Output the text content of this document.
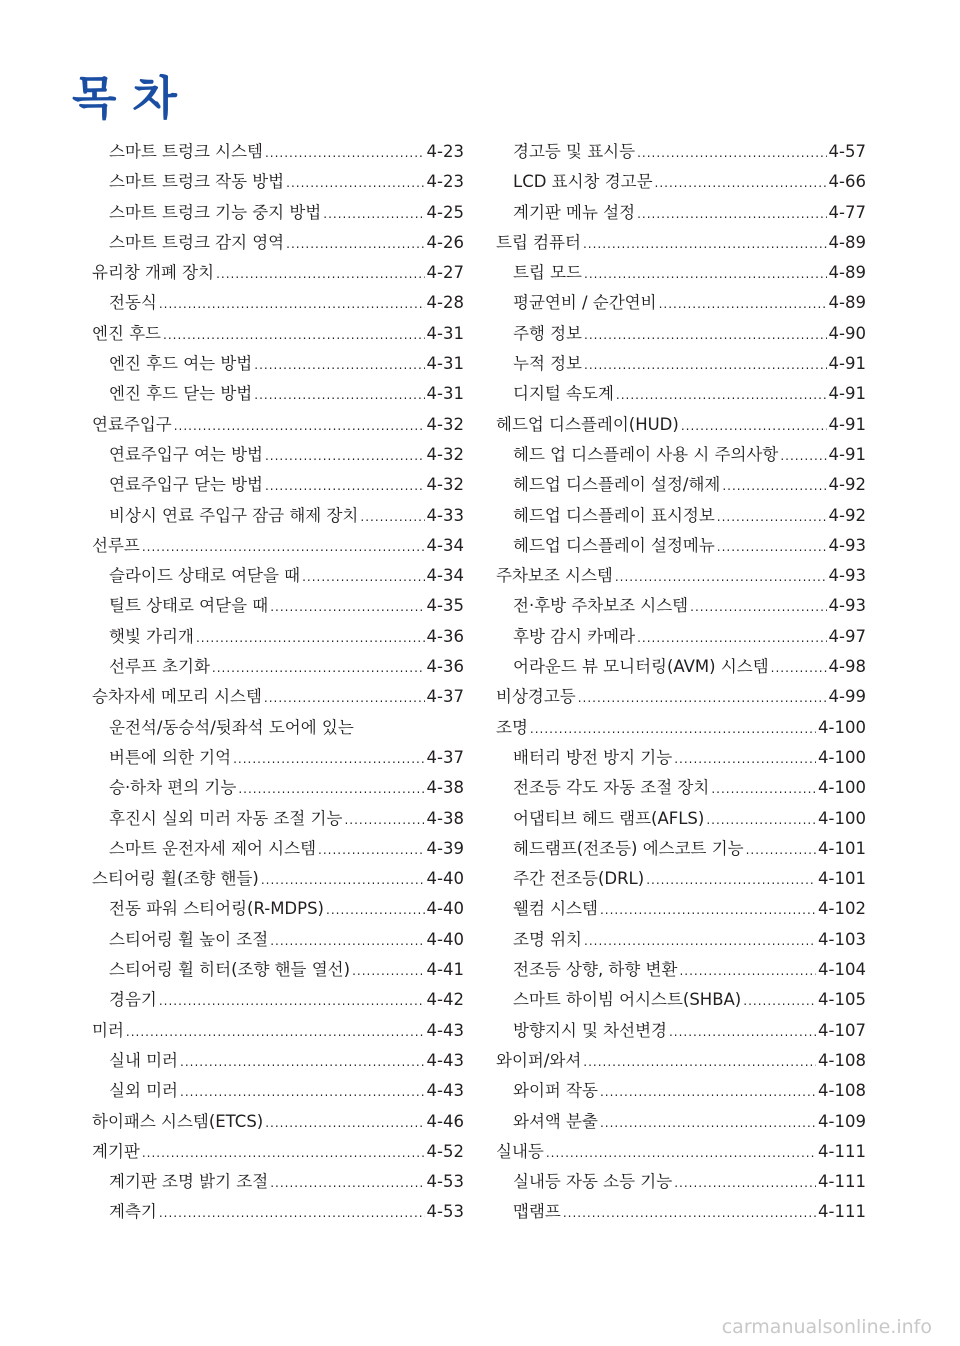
목 차
스마트 트렁크 시스템 .....	4-23
스마트 트렁크 작동 방법 .....	4-23
스마트 트렁크 기능 중지 방법 .....	4-25
스마트 트렁크 감지 영역 .....	4-26
유리창 개폐 장치 .....	4-27
전동식 .....	4-28
엔진 후드 .....	4-31
엔진 후드 여는 방법 .....	4-31
엔진 후드 닫는 방법 .....	4-31
연료주입구 .....	4-32
연료주입구 여는 방법 .....	4-32
연료주입구 닫는 방법 .....	4-32
비상시 연료 주입구 잠금 해제 장치 .....	4-33
선루프 .....	4-34
슬라이드 상태로 여닫을 때 .....	4-34
틸트 상태로 여닫을 때 .....	4-35
햇빛 가리개 .....	4-36
선루프 초기화 .....	4-36
승차자세 메모리 시스템 .....	4-37
운전석/동승석/뒷좌석 도어에 있는
버튼에 의한 기억 .....	4-37
승·하차 편의 기능 .....	4-38
후진시 실외 미러 자동 조절 기능 .....	4-38
스마트 운전자세 제어 시스템 .....	4-39
스티어링 휠(조향 핸들) .....	4-40
전동 파워 스티어링(R-MDPS) .....	4-40
스티어링 휠 높이 조절 .....	4-40
스티어링 휠 히터(조향 핸들 열선) .....	4-41
경음기 .....	4-42
미러 .....	4-43
실내 미러 .....	4-43
실외 미러 .....	4-43
하이패스 시스템(ETCS) .....	4-46
계기판 .....	4-52
계기판 조명 밝기 조절 .....	4-53
계측기 .....	4-53
경고등 및 표시등 .....	4-57
LCD 표시창 경고문 .....	4-66
계기판 메뉴 설정 .....	4-77
트립 컴퓨터 .....	4-89
트립 모드 .....	4-89
평균연비 / 순간연비 .....	4-89
주행 정보 .....	4-90
누적 정보 .....	4-91
디지털 속도계 .....	4-91
헤드업 디스플레이(HUD) .....	4-91
헤드 업 디스플레이 사용 시 주의사항 .....	4-91
헤드업 디스플레이 설정/해제 .....	4-92
헤드업 디스플레이 표시정보 .....	4-92
헤드업 디스플레이 설정메뉴 .....	4-93
주차보조 시스템 .....	4-93
전·후방 주차보조 시스템 .....	4-93
후방 감시 카메라 .....	4-97
어라운드 뷰 모니터링(AVM) 시스템 .....	4-98
비상경고등 .....	4-99
조명 .....	4-100
배터리 방전 방지 기능 .....	4-100
전조등 각도 자동 조절 장치 .....	4-100
어댑티브 헤드 램프(AFLS) .....	4-100
헤드램프(전조등) 에스코트 기능 .....	4-101
주간 전조등(DRL) .....	4-101
웰컴 시스템 .....	4-102
조명 위치 .....	4-103
전조등 상향, 하향 변환 .....	4-104
스마트 하이빔 어시스트(SHBA) .....	4-105
방향지시 및 차선변경 .....	4-107
와이퍼/와셔 .....	4-108
와이퍼 작동 .....	4-108
와셔액 분출 .....	4-109
실내등 .....	4-111
실내등 자동 소등 기능 .....	4-111
맵램프 .....	4-111
carmanualsonline.info
